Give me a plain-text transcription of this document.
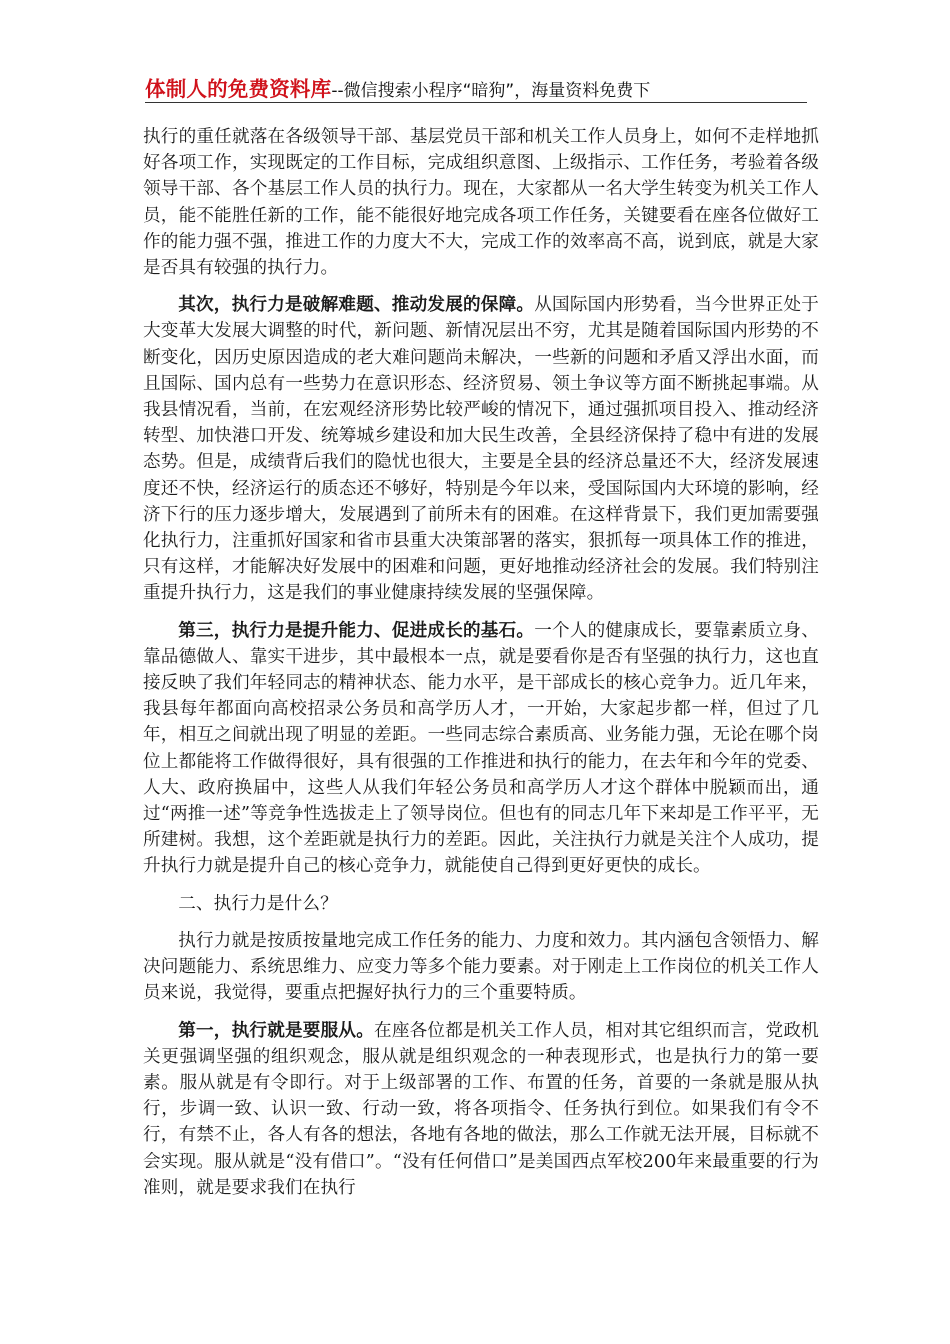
体制人的免费资料库--微信搜索小程序“暗狗”，海量资料免费下

执行的重任就落在各级领导干部、基层党员干部和机关工作人员身上，如何不走样地抓好各项工作，实现既定的工作目标，完成组织意图、上级指示、工作任务，考验着各级领导干部、各个基层工作人员的执行力。现在，大家都从一名大学生转变为机关工作人员，能不能胜任新的工作，能不能很好地完成各项工作任务，关键要看在座各位做好工作的能力强不强，推进工作的力度大不大，完成工作的效率高不高，说到底，就是大家是否具有较强的执行力。

其次，执行力是破解难题、推动发展的保障。从国际国内形势看，当今世界正处于大变革大发展大调整的时代，新问题、新情况层出不穷，尤其是随着国际国内形势的不断变化，因历史原因造成的老大难问题尚未解决，一些新的问题和矛盾又浮出水面，而且国际、国内总有一些势力在意识形态、经济贸易、领土争议等方面不断挑起事端。从我县情况看，当前，在宏观经济形势比较严峻的情况下，通过强抓项目投入、推动经济转型、加快港口开发、统筹城乡建设和加大民生改善，全县经济保持了稳中有进的发展态势。但是，成绩背后我们的隐忧也很大，主要是全县的经济总量还不大，经济发展速度还不快，经济运行的质态还不够好，特别是今年以来，受国际国内大环境的影响，经济下行的压力逐步增大，发展遇到了前所未有的困难。在这样背景下，我们更加需要强化执行力，注重抓好国家和省市县重大决策部署的落实，狠抓每一项具体工作的推进，只有这样，才能解决好发展中的困难和问题，更好地推动经济社会的发展。我们特别注重提升执行力，这是我们的事业健康持续发展的坚强保障。

第三，执行力是提升能力、促进成长的基石。一个人的健康成长，要靠素质立身、靠品德做人、靠实干进步，其中最根本一点，就是要看你是否有坚强的执行力，这也直接反映了我们年轻同志的精神状态、能力水平，是干部成长的核心竞争力。近几年来，我县每年都面向高校招录公务员和高学历人才，一开始，大家起步都一样，但过了几年，相互之间就出现了明显的差距。一些同志综合素质高、业务能力强，无论在哪个岗位上都能将工作做得很好，具有很强的工作推进和执行的能力，在去年和今年的党委、人大、政府换届中，这些人从我们年轻公务员和高学历人才这个群体中脱颖而出，通过“两推一述”等竞争性选拔走上了领导岗位。但也有的同志几年下来却是工作平平，无所建树。我想，这个差距就是执行力的差距。因此，关注执行力就是关注个人成功，提升执行力就是提升自己的核心竞争力，就能使自己得到更好更快的成长。

二、执行力是什么？

执行力就是按质按量地完成工作任务的能力、力度和效力。其内涵包含领悟力、解决问题能力、系统思维力、应变力等多个能力要素。对于刚走上工作岗位的机关工作人员来说，我觉得，要重点把握好执行力的三个重要特质。

第一，执行就是要服从。在座各位都是机关工作人员，相对其它组织而言，党政机关更强调坚强的组织观念，服从就是组织观念的一种表现形式，也是执行力的第一要素。服从就是有令即行。对于上级部署的工作、布置的任务，首要的一条就是服从执行，步调一致、认识一致、行动一致，将各项指令、任务执行到位。如果我们有令不行，有禁不止，各人有各的想法，各地有各地的做法，那么工作就无法开展，目标就不会实现。服从就是“没有借口”。“没有任何借口”是美国西点军校200年来最重要的行为准则，就是要求我们在执行
